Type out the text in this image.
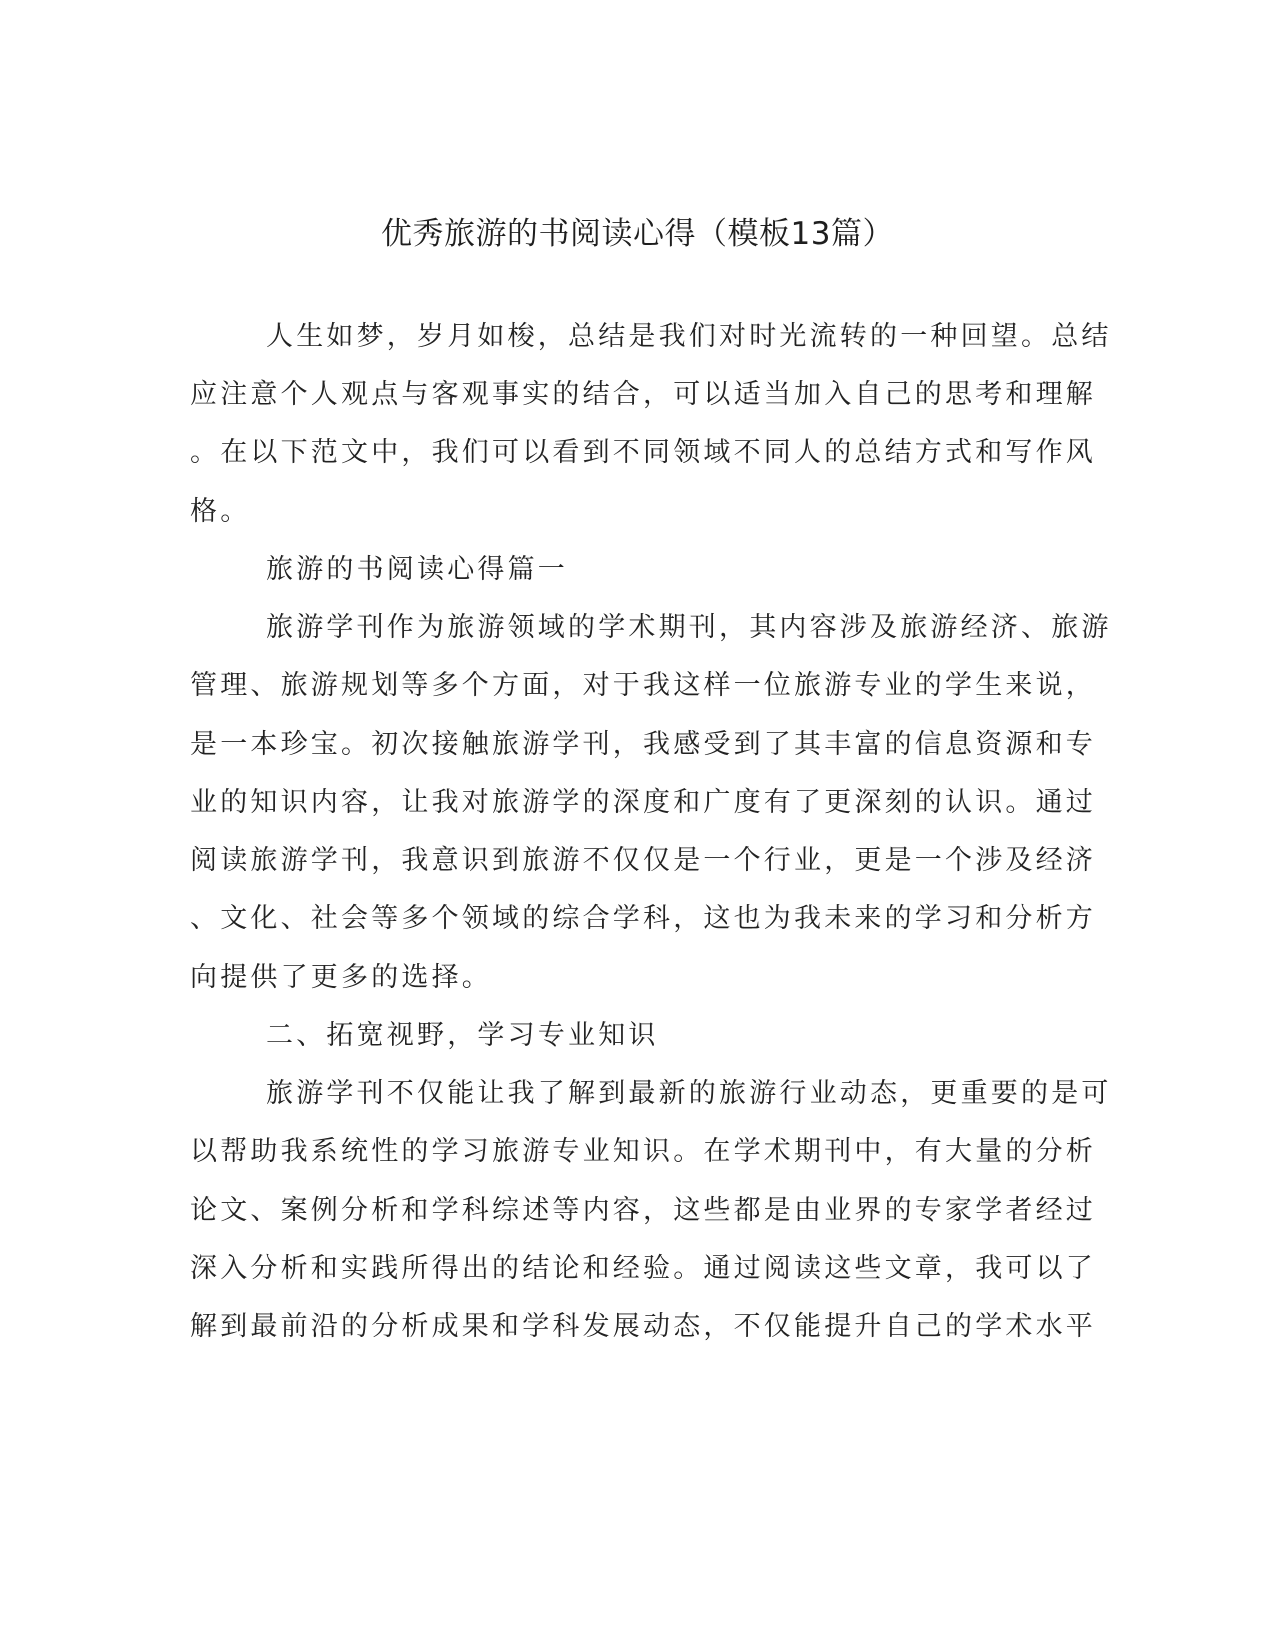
优秀旅游的书阅读心得（模板13篇）
人生如梦，岁月如梭，总结是我们对时光流转的一种回望。总结
应注意个人观点与客观事实的结合，可以适当加入自己的思考和理解
。在以下范文中，我们可以看到不同领域不同人的总结方式和写作风
格。
旅游的书阅读心得篇一
旅游学刊作为旅游领域的学术期刊，其内容涉及旅游经济、旅游
管理、旅游规划等多个方面，对于我这样一位旅游专业的学生来说，
是一本珍宝。初次接触旅游学刊，我感受到了其丰富的信息资源和专
业的知识内容，让我对旅游学的深度和广度有了更深刻的认识。通过
阅读旅游学刊，我意识到旅游不仅仅是一个行业，更是一个涉及经济
、文化、社会等多个领域的综合学科，这也为我未来的学习和分析方
向提供了更多的选择。
二、拓宽视野，学习专业知识
旅游学刊不仅能让我了解到最新的旅游行业动态，更重要的是可
以帮助我系统性的学习旅游专业知识。在学术期刊中，有大量的分析
论文、案例分析和学科综述等内容，这些都是由业界的专家学者经过
深入分析和实践所得出的结论和经验。通过阅读这些文章，我可以了
解到最前沿的分析成果和学科发展动态，不仅能提升自己的学术水平
